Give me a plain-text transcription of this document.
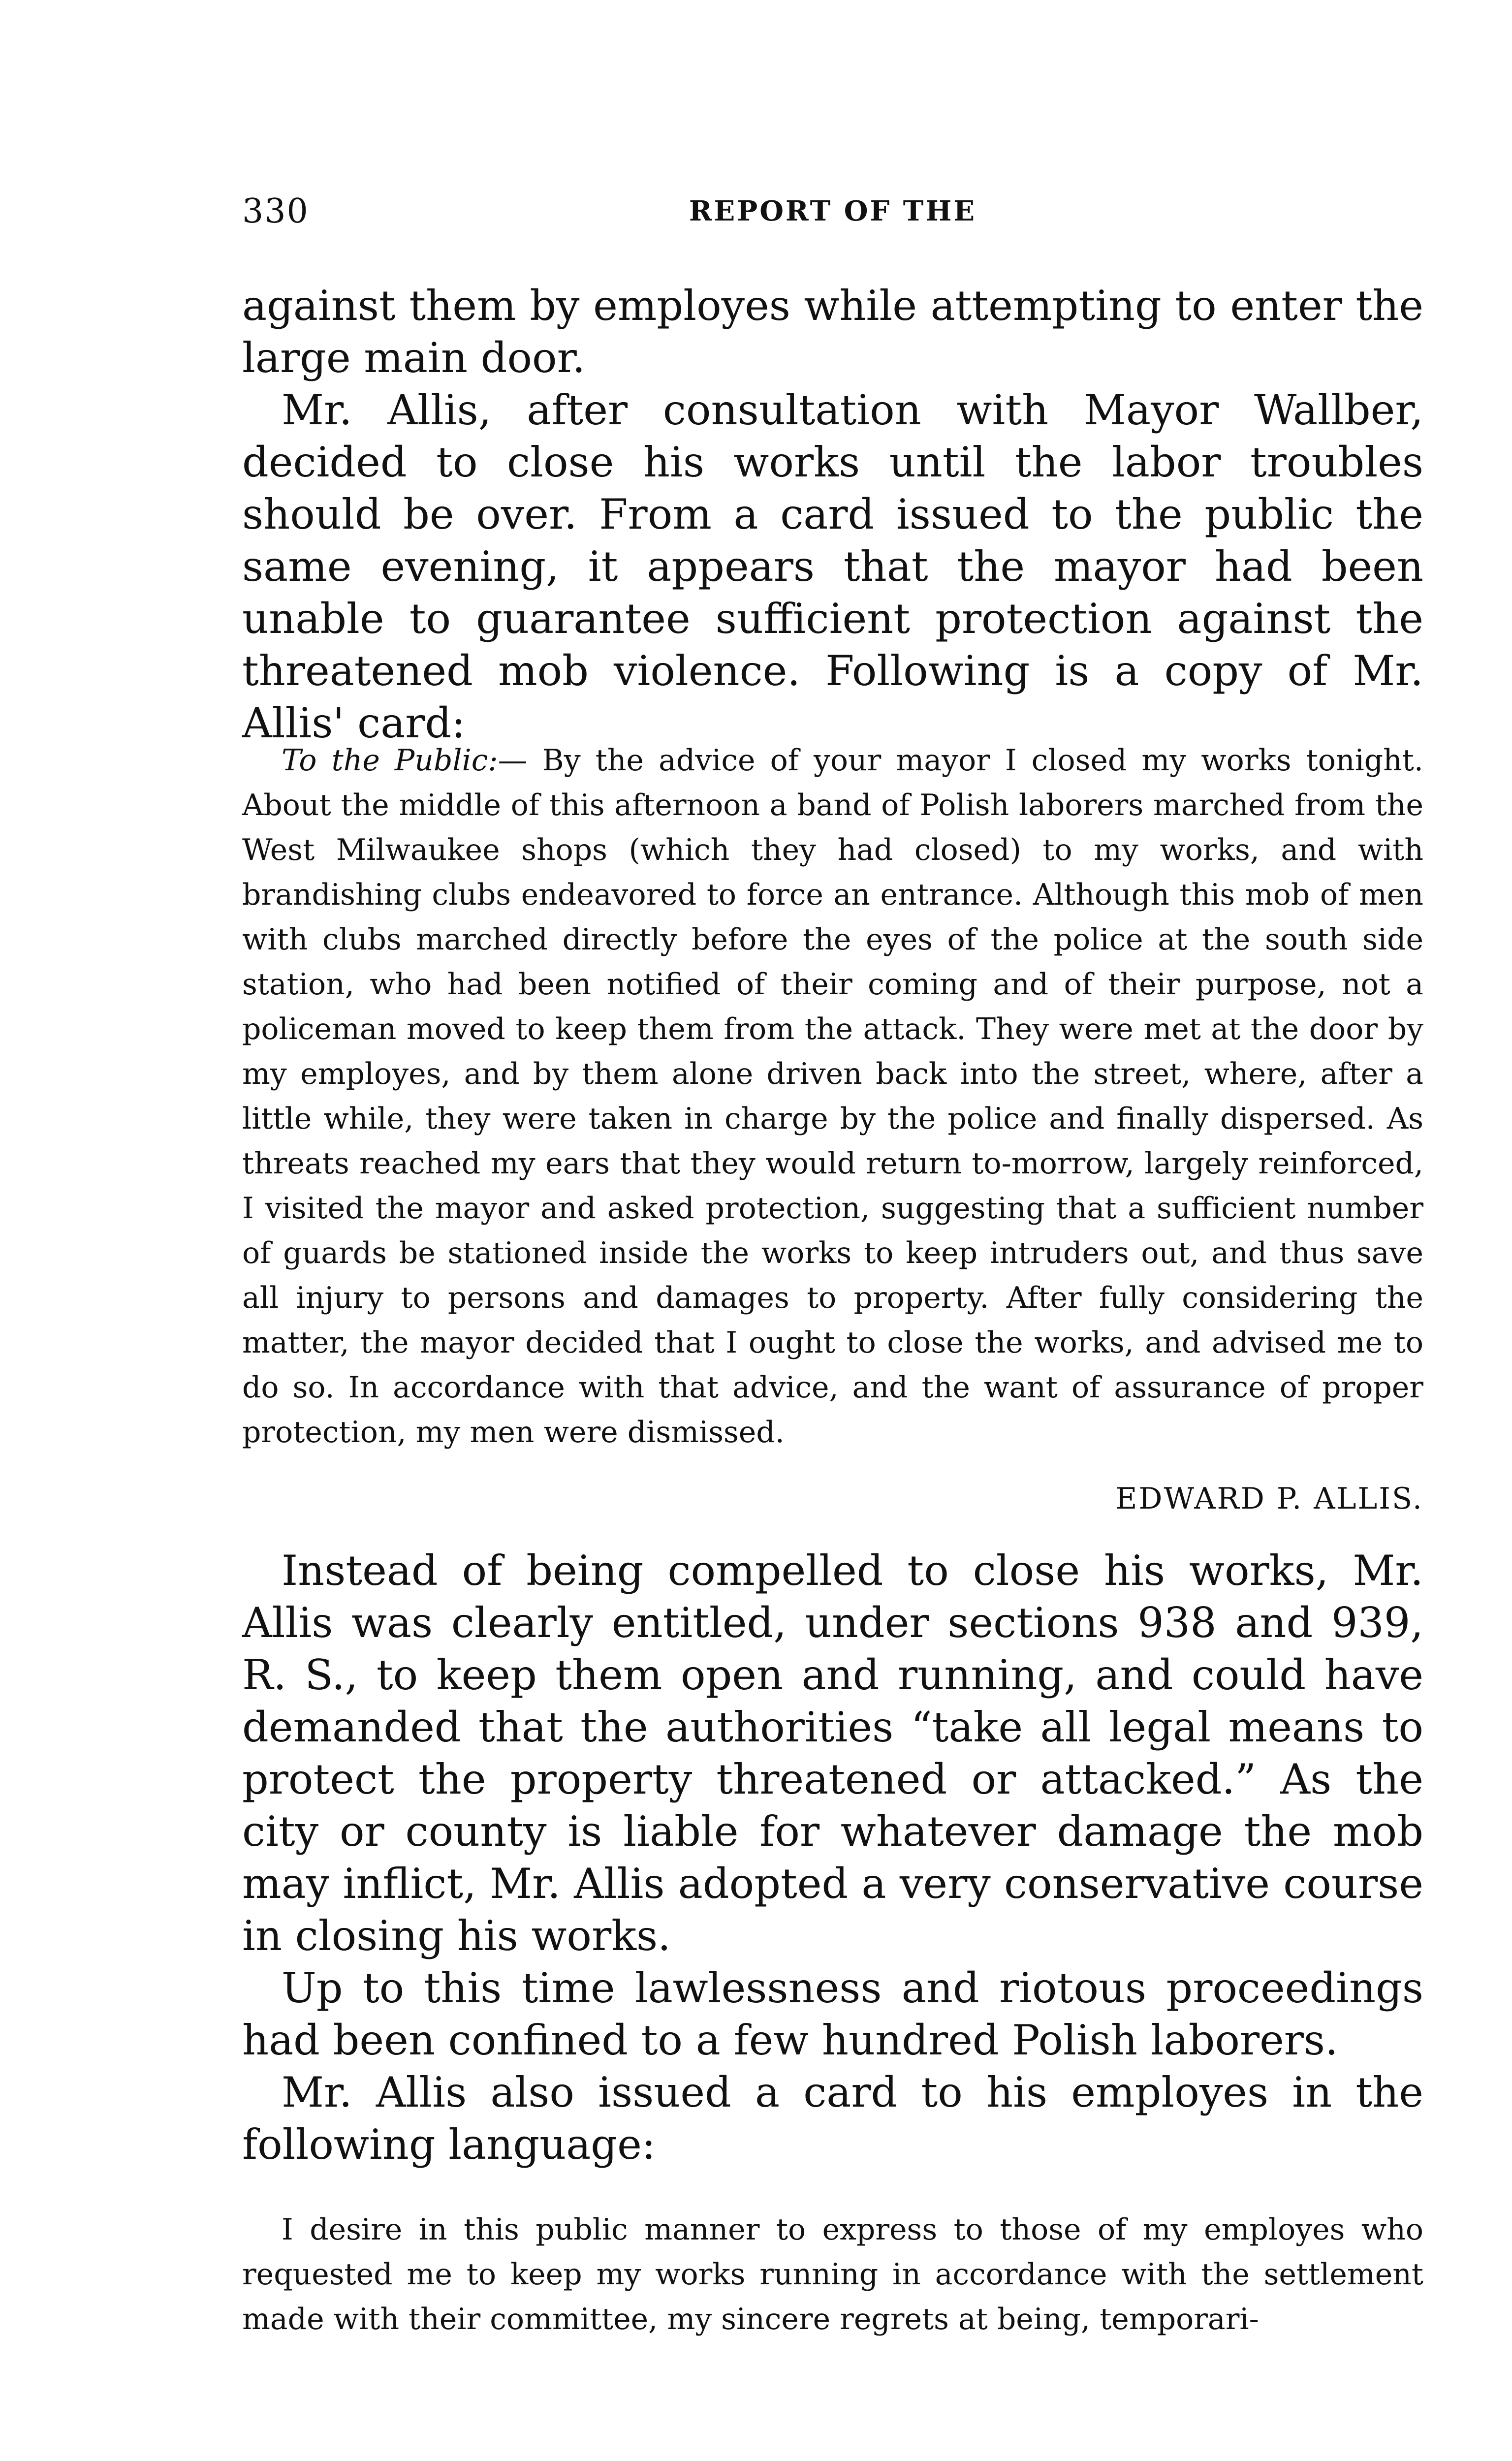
330	REPORT OF THE

against them by employes while attempting to enter the large main door.

Mr. Allis, after consultation with Mayor Wallber, decided to close his works until the labor troubles should be over. From a card issued to the public the same evening, it appears that the mayor had been unable to guarantee sufficient protection against the threatened mob violence. Following is a copy of Mr. Allis' card:

To the Public:— By the advice of your mayor I closed my works tonight. About the middle of this afternoon a band of Polish laborers marched from the West Milwaukee shops (which they had closed) to my works, and with brandishing clubs endeavored to force an entrance. Although this mob of men with clubs marched directly before the eyes of the police at the south side station, who had been notified of their coming and of their purpose, not a policeman moved to keep them from the attack. They were met at the door by my employes, and by them alone driven back into the street, where, after a little while, they were taken in charge by the police and finally dispersed. As threats reached my ears that they would return to-morrow, largely reinforced, I visited the mayor and asked protection, suggesting that a sufficient number of guards be stationed inside the works to keep intruders out, and thus save all injury to persons and damages to property. After fully considering the matter, the mayor decided that I ought to close the works, and advised me to do so. In accordance with that advice, and the want of assurance of proper protection, my men were dismissed.

EDWARD P. ALLIS.

Instead of being compelled to close his works, Mr. Allis was clearly entitled, under sections 938 and 939, R. S., to keep them open and running, and could have demanded that the authorities “take all legal means to protect the property threatened or attacked.” As the city or county is liable for whatever damage the mob may inflict, Mr. Allis adopted a very conservative course in closing his works.

Up to this time lawlessness and riotous proceedings had been confined to a few hundred Polish laborers.

Mr. Allis also issued a card to his employes in the following language:

I desire in this public manner to express to those of my employes who requested me to keep my works running in accordance with the settlement made with their committee, my sincere regrets at being, temporari-
